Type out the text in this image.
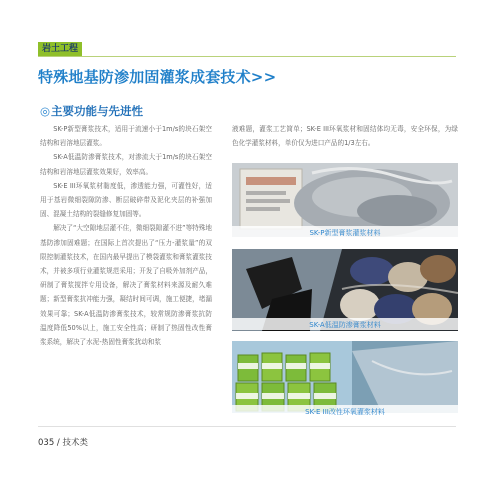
岩土工程
特殊地基防渗加固灌浆成套技术>>
◎主要功能与先进性

SK-P新型膏浆技术，适用于流速小于1m/s的块石架空结构和岩溶地层灌浆。

SK-A低温防渗膏浆技术，对渗流大于1m/s的块石架空结构和岩溶地层灌浆效果好，效率高。

SK-E III环氧浆材黏度低，渗透能力强，可灌性好，适用于基岩微细裂隙防渗、断层破碎带及泥化夹层的补强加固、混凝土结构的裂缝修复加固等。

解决了“大空隙地层灌不住，微细裂隙灌不进”等特殊地基防渗加固难题；在国际上首次提出了“压力-灌浆量”的双限控制灌浆技术，在国内最早提出了模袋灌浆和膏浆灌浆技术，并被多项行业灌浆规范采用；开发了自吸外加剂产品，研制了膏浆搅拌专用设备，解决了膏浆材料来源及耐久难题；新型膏浆抗冲能力强，凝结时间可调，施工便捷，堵漏效果可靠；SK-A低温防渗膏浆技术，较常规防渗膏浆抗防温度降低50%以上，施工安全性高；研制了热固性改性膏浆系统，解决了水泥-热固性膏浆扰动和浆

液难题，灌浆工艺简单；SK-E III环氧浆材和固结体均无毒，安全环保，为绿色化学灌浆材料，单价仅为进口产品的1/3左右。

SK-P新型膏浆灌浆材料
SK-A低温防渗膏浆材料
SK-E III改性环氧灌浆材料
035 / 技术类
